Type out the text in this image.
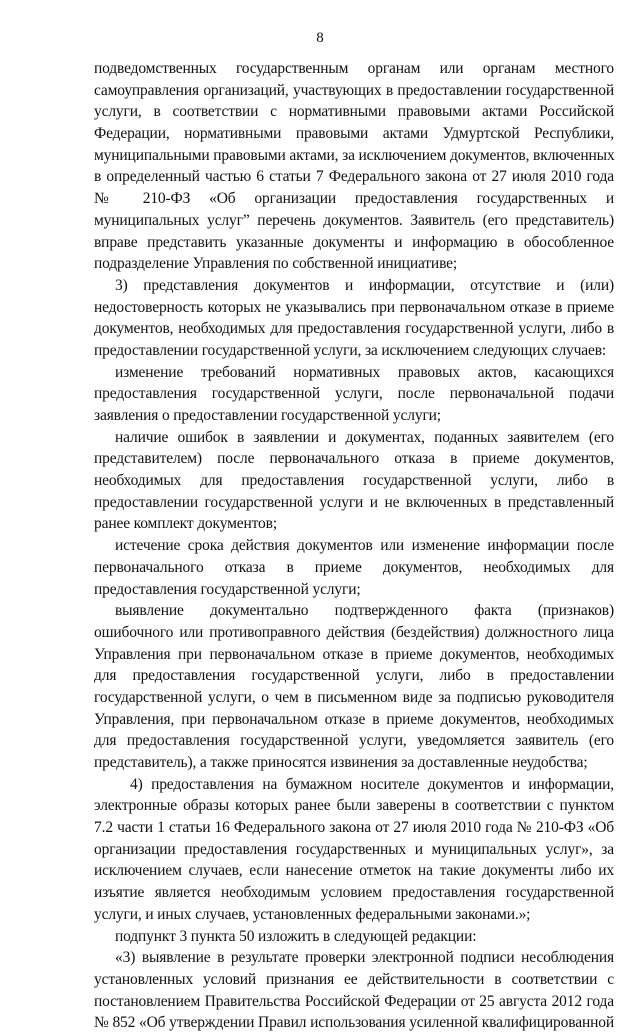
8
подведомственных государственным органам или органам местного
самоуправления организаций, участвующих в предоставлении государственной
услуги, в соответствии с нормативными правовыми актами Российской
Федерации, нормативными правовыми актами Удмуртской Республики,
муниципальными правовыми актами, за исключением документов, включенных
в определенный частью 6 статьи 7 Федерального закона от 27 июля 2010 года
№ 210-ФЗ «Об организации предоставления государственных и
муниципальных услуг” перечень документов. Заявитель (его представитель)
вправе представить указанные документы и информацию в обособленное
подразделение Управления по собственной инициативе;
3) представления документов и информации, отсутствие и (или)
недостоверность которых не указывались при первоначальном отказе в приеме
документов, необходимых для предоставления государственной услуги, либо в
предоставлении государственной услуги, за исключением следующих случаев:
изменение требований нормативных правовых актов, касающихся
предоставления государственной услуги, после первоначальной подачи
заявления о предоставлении государственной услуги;
наличие ошибок в заявлении и документах, поданных заявителем (его
представителем) после первоначального отказа в приеме документов,
необходимых для предоставления государственной услуги, либо в
предоставлении государственной услуги и не включенных в представленный
ранее комплект документов;
истечение срока действия документов или изменение информации после
первоначального отказа в приеме документов, необходимых для
предоставления государственной услуги;
выявление документально подтвержденного факта (признаков)
ошибочного или противоправного действия (бездействия) должностного лица
Управления при первоначальном отказе в приеме документов, необходимых
для предоставления государственной услуги, либо в предоставлении
государственной услуги, о чем в письменном виде за подписью руководителя
Управления, при первоначальном отказе в приеме документов, необходимых
для предоставления государственной услуги, уведомляется заявитель (его
представитель), а также приносятся извинения за доставленные неудобства;
4) предоставления на бумажном носителе документов и информации,
электронные образы которых ранее были заверены в соответствии с пунктом
7.2 части 1 статьи 16 Федерального закона от 27 июля 2010 года № 210-ФЗ «Об
организации предоставления государственных и муниципальных услуг», за
исключением случаев, если нанесение отметок на такие документы либо их
изъятие является необходимым условием предоставления государственной
услуги, и иных случаев, установленных федеральными законами.»;
подпункт 3 пункта 50 изложить в следующей редакции:
«3) выявление в результате проверки электронной подписи несоблюдения
установленных условий признания ее действительности в соответствии с
постановлением Правительства Российской Федерации от 25 августа 2012 года
№ 852 «Об утверждении Правил использования усиленной квалифицированной
